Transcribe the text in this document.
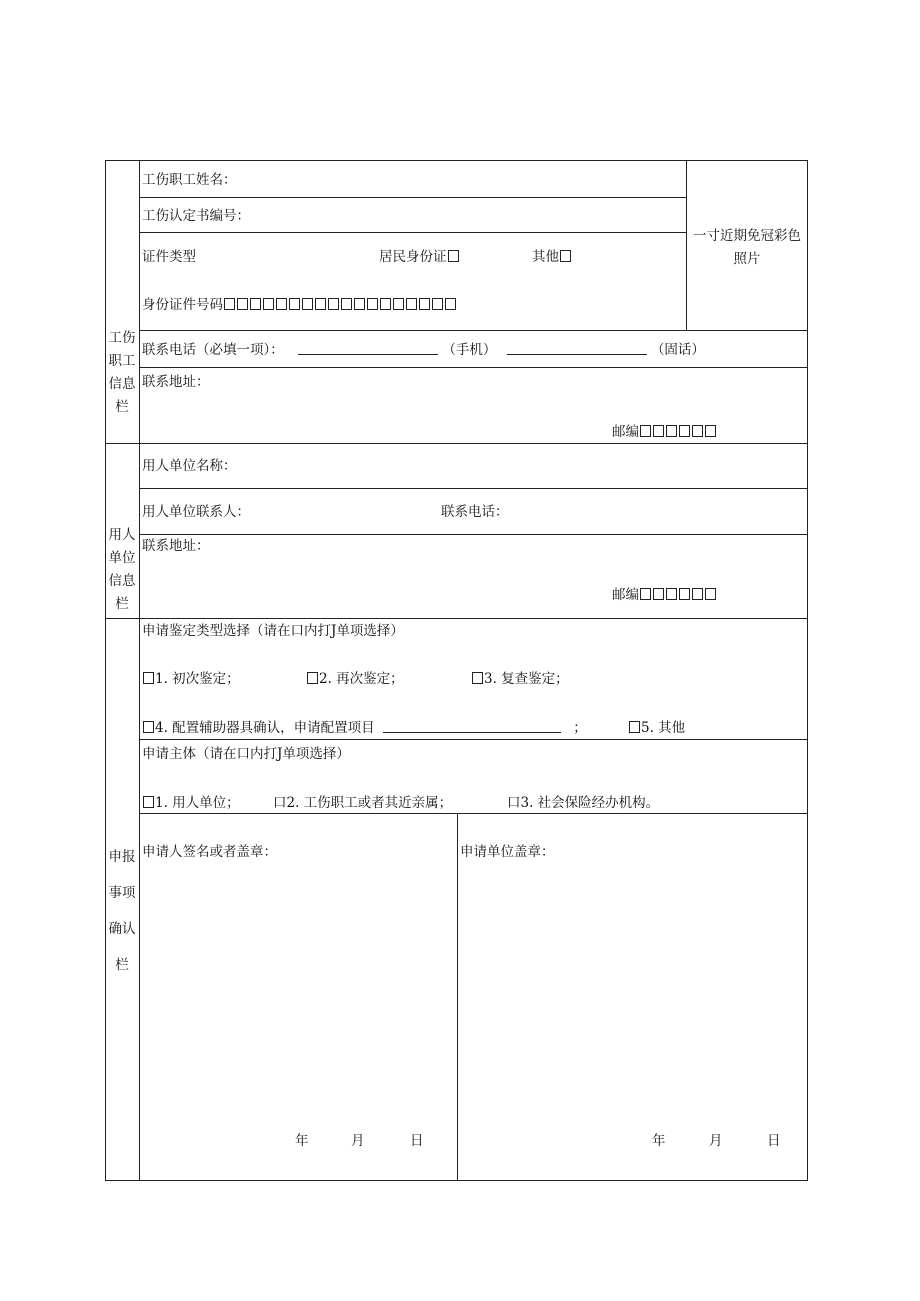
工伤
职工
信息
栏
用人
单位
信息
栏
申报
事项
确认
栏
一寸近期免冠彩色照片
工伤职工姓名：
工伤认定书编号：
证件类型	居民身份证	其他
身份证件号码
联系电话（必填一项）：	（手机）	（固话）
联系地址：
邮编
用人单位名称：
用人单位联系人：	联系电话：
联系地址：
邮编
申请鉴定类型选择（请在口内打J单项选择）
1. 初次鉴定；	2. 再次鉴定；	3. 复查鉴定；
4. 配置辅助器具确认，申请配置项目	；	5. 其他
申请主体（请在口内打J单项选择）
1. 用人单位； 口2. 工伤职工或者其近亲属；	口3. 社会保险经办机构。
申请人签名或者盖章：	申请单位盖章：
年	月	日	年	月	日
